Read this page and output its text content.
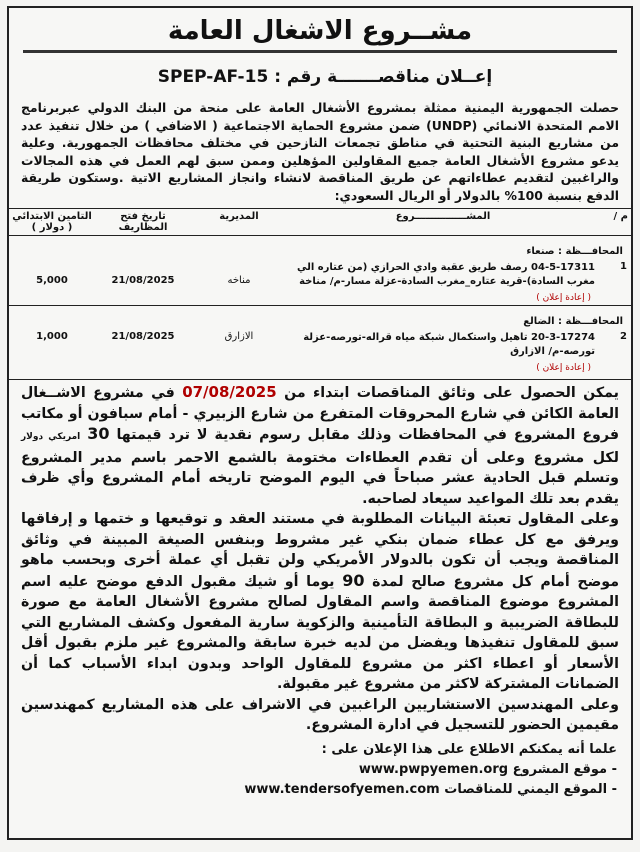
مشــروع الاشغال العامة
إعــلان مناقصـــــــة رقم : SPEP-AF-15
حصلت الجمهورية اليمنية ممثلة بمشروع الأشغال العامة على منحة من البنك الدولي عبربرنامج الامم المتحدة الانمائي (UNDP) ضمن مشروع الحماية الاجتماعية ( الاضافي ) من خلال تنفيذ عدد من مشاريع البنية التحتية في مناطق تجمعات النازحين في مختلف محافظات الجمهورية. وعلية يدعو مشروع الأشغال العامة جميع المقاولين المؤهلين وممن سبق لهم العمل في هذه المجالات والراغبين لتقديم عطاءاتهم عن طريق المناقصة لانشاء وانجاز المشاريع الاتية .وستكون طريقة الدفع بنسبة 100% بالدولار أو الريال السعودي:
م /	المشـــــــــــــــروع	المديرية	تاريخ فتح المظاريف	التامين الابتدائي ( دولار )
المحافـــظة : صنعاء				
1	04-5-17311 رصف طريق عقبة وادي الحرازي (من عتاره الي مغرب السادة)-قرية عتاره_مغرب السادة-عزلة مسار-م/ مناخة	مناخه	21/08/2025	5,000
( إعادة إعلان )				
المحافـــظة : الضالع				
2	20-3-17274 تاهيل واستكمال شبكة مياه قراله-تورصه-عزلة تورصه-م/ الازارق	الازارق	21/08/2025	1,000
( إعادة إعلان )				

يمكن الحصول على وثائق المناقصات ابتداء من 07/08/2025 في مشروع الاشــغال العامة الكائن في شارع المحروقات المتفرع من شارع الزبيري - أمام سبافون أو مكاتب فروع المشروع في المحافظات وذلك مقابل رسوم نقدية لا ترد قيمتها 30 امريكي دولار لكل مشروع وعلى أن تقدم العطاءات مختومة بالشمع الاحمر باسم مدير المشروع وتسلم قبل الحادية عشر صباحاً في اليوم الموضح تاريخه أمام المشروع وأي ظرف يقدم بعد تلك المواعيد سيعاد لصاحبه.

وعلى المقاول تعبئة البيانات المطلوبة في مستند العقد و توقيعها و ختمها و إرفاقها ويرفق مع كل عطاء ضمان بنكي غير مشروط وبنفس الصيغة المبينة في وثائق المناقصة ويجب أن تكون بالدولار الأمريكي ولن تقبل أي عملة أخرى وبحسب ماهو موضح أمام كل مشروع صالح لمدة 90 يوما أو شيك مقبول الدفع موضح عليه اسم المشروع موضوع المناقصة واسم المقاول لصالح مشروع الأشغال العامة مع صورة للبطاقة الضريبية و البطاقة التأمينية والزكوية سارية المفعول وكشف المشاريع التي سبق للمقاول تنفيذها ويفضل من لديه خبرة سابقة والمشروع غير ملزم بقبول أقل الأسعار أو اعطاء اكثر من مشروع للمقاول الواحد وبدون ابداء الأسباب كما أن الضمانات المشتركة لاكثر من مشروع غير مقبولة.

وعلى المهندسين الاستشاريين الراغبين في الاشراف على هذه المشاريع كمهندسين مقيمين الحضور للتسجيل في ادارة المشروع.

علما أنه يمكنكم الاطلاع على هذا الإعلان على :
- موقع المشروع www.pwpyemen.org
- الموقع اليمني للمناقصات www.tendersofyemen.com
